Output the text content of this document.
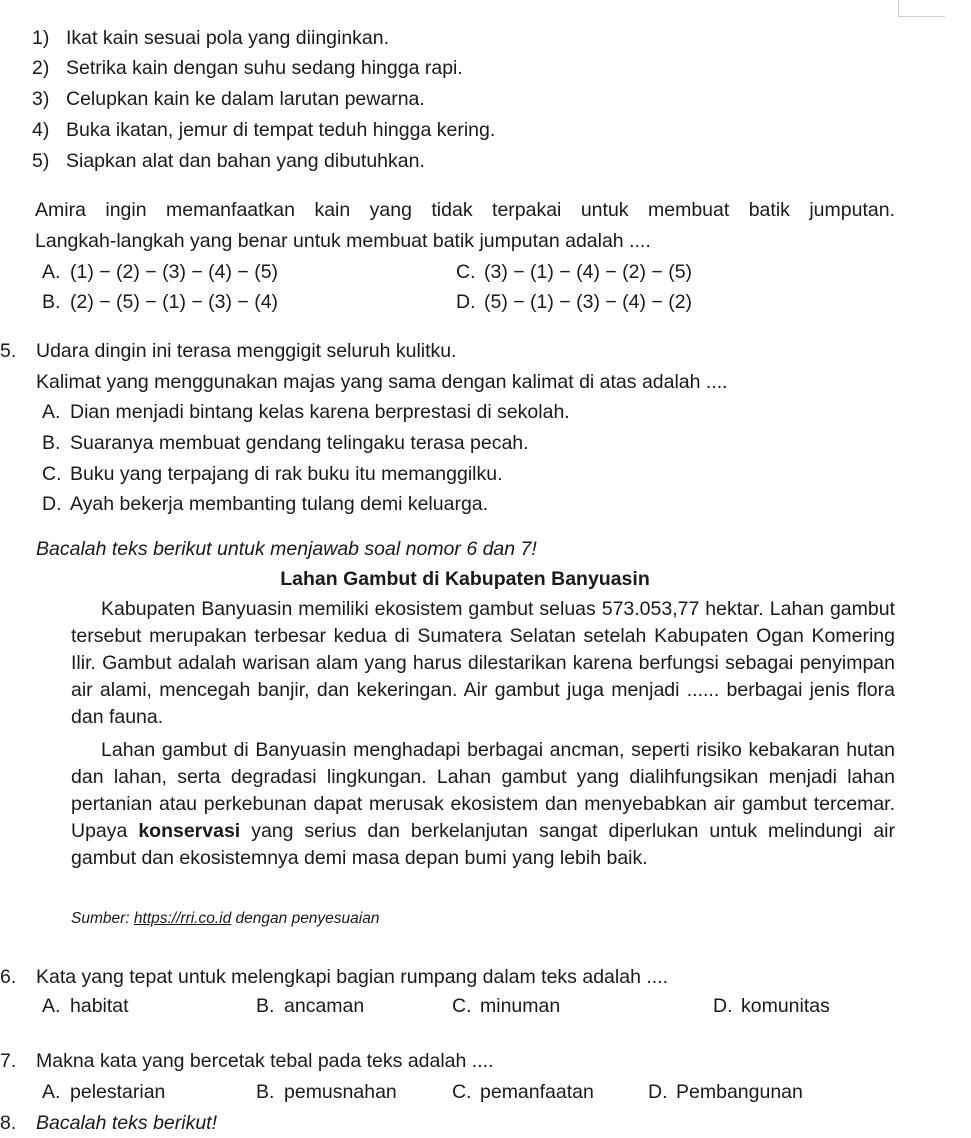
1) Ikat kain sesuai pola yang diinginkan.
2) Setrika kain dengan suhu sedang hingga rapi.
3) Celupkan kain ke dalam larutan pewarna.
4) Buka ikatan, jemur di tempat teduh hingga kering.
5) Siapkan alat dan bahan yang dibutuhkan.
Amira ingin memanfaatkan kain yang tidak terpakai untuk membuat batik jumputan.
Langkah-langkah yang benar untuk membuat batik jumputan adalah ....
A. (1) − (2) − (3) − (4) − (5)
B. (2) − (5) − (1) − (3) − (4)
C. (3) − (1) − (4) − (2) − (5)
D. (5) − (1) − (3) − (4) − (2)
5. Udara dingin ini terasa menggigit seluruh kulitku.
Kalimat yang menggunakan majas yang sama dengan kalimat di atas adalah ....
A. Dian menjadi bintang kelas karena berprestasi di sekolah.
B. Suaranya membuat gendang telingaku terasa pecah.
C. Buku yang terpajang di rak buku itu memanggilku.
D. Ayah bekerja membanting tulang demi keluarga.
Bacalah teks berikut untuk menjawab soal nomor 6 dan 7!
Lahan Gambut di Kabupaten Banyuasin
Kabupaten Banyuasin memiliki ekosistem gambut seluas 573.053,77 hektar. Lahan gambut tersebut merupakan terbesar kedua di Sumatera Selatan setelah Kabupaten Ogan Komering Ilir. Gambut adalah warisan alam yang harus dilestarikan karena berfungsi sebagai penyimpan air alami, mencegah banjir, dan kekeringan. Air gambut juga menjadi ...... berbagai jenis flora dan fauna.
Lahan gambut di Banyuasin menghadapi berbagai ancman, seperti risiko kebakaran hutan dan lahan, serta degradasi lingkungan. Lahan gambut yang dialihfungsikan menjadi lahan pertanian atau perkebunan dapat merusak ekosistem dan menyebabkan air gambut tercemar. Upaya konservasi yang serius dan berkelanjutan sangat diperlukan untuk melindungi air gambut dan ekosistemnya demi masa depan bumi yang lebih baik.
Sumber: https://rri.co.id dengan penyesuaian
6. Kata yang tepat untuk melengkapi bagian rumpang dalam teks adalah ....
A. habitat	B. ancaman	C. minuman	D. komunitas
7. Makna kata yang bercetak tebal pada teks adalah ....
A. pelestarian	B. pemusnahan	C. pemanfaatan	D. Pembangunan
8. Bacalah teks berikut!
